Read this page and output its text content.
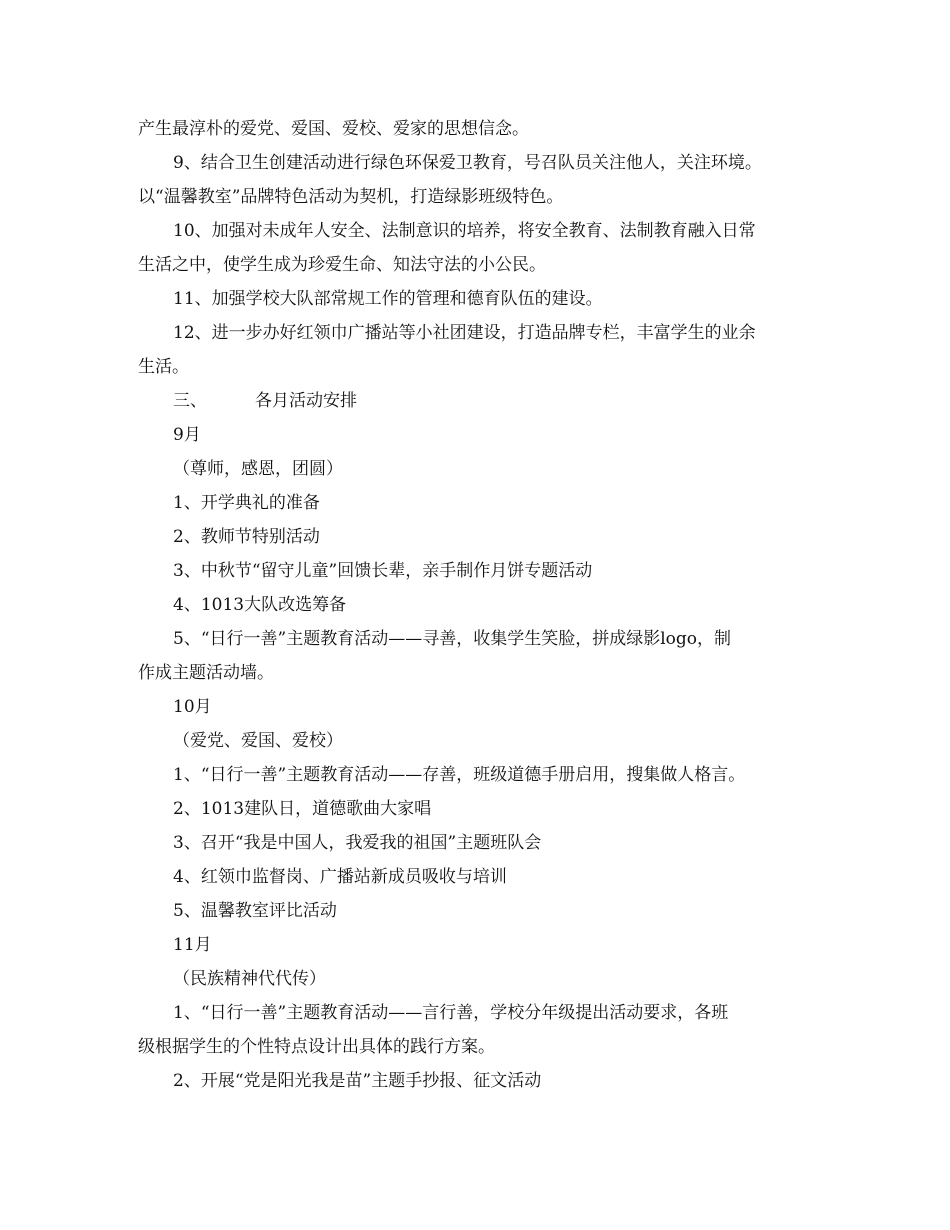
产生最淳朴的爱党、爱国、爱校、爱家的思想信念。

9、结合卫生创建活动进行绿色环保爱卫教育，号召队员关注他人，关注环境。

以“温馨教室”品牌特色活动为契机，打造绿影班级特色。

10、加强对未成年人安全、法制意识的培养，将安全教育、法制教育融入日常

生活之中，使学生成为珍爱生命、知法守法的小公民。

11、加强学校大队部常规工作的管理和德育队伍的建设。

12、进一步办好红领巾广播站等小社团建设，打造品牌专栏，丰富学生的业余

生活。

三、	各月活动安排

9月

（尊师，感恩，团圆）

1、开学典礼的准备

2、教师节特别活动

3、中秋节“留守儿童”回馈长辈，亲手制作月饼专题活动

4、1013大队改选筹备

5、“日行一善”主题教育活动——寻善，收集学生笑脸，拼成绿影logo，制

作成主题活动墙。

10月

（爱党、爱国、爱校）

1、“日行一善”主题教育活动——存善，班级道德手册启用，搜集做人格言。

2、1013建队日，道德歌曲大家唱

3、召开“我是中国人，我爱我的祖国”主题班队会

4、红领巾监督岗、广播站新成员吸收与培训

5、温馨教室评比活动

11月

（民族精神代代传）

1、“日行一善”主题教育活动——言行善，学校分年级提出活动要求，各班

级根据学生的个性特点设计出具体的践行方案。

2、开展“党是阳光我是苗”主题手抄报、征文活动
